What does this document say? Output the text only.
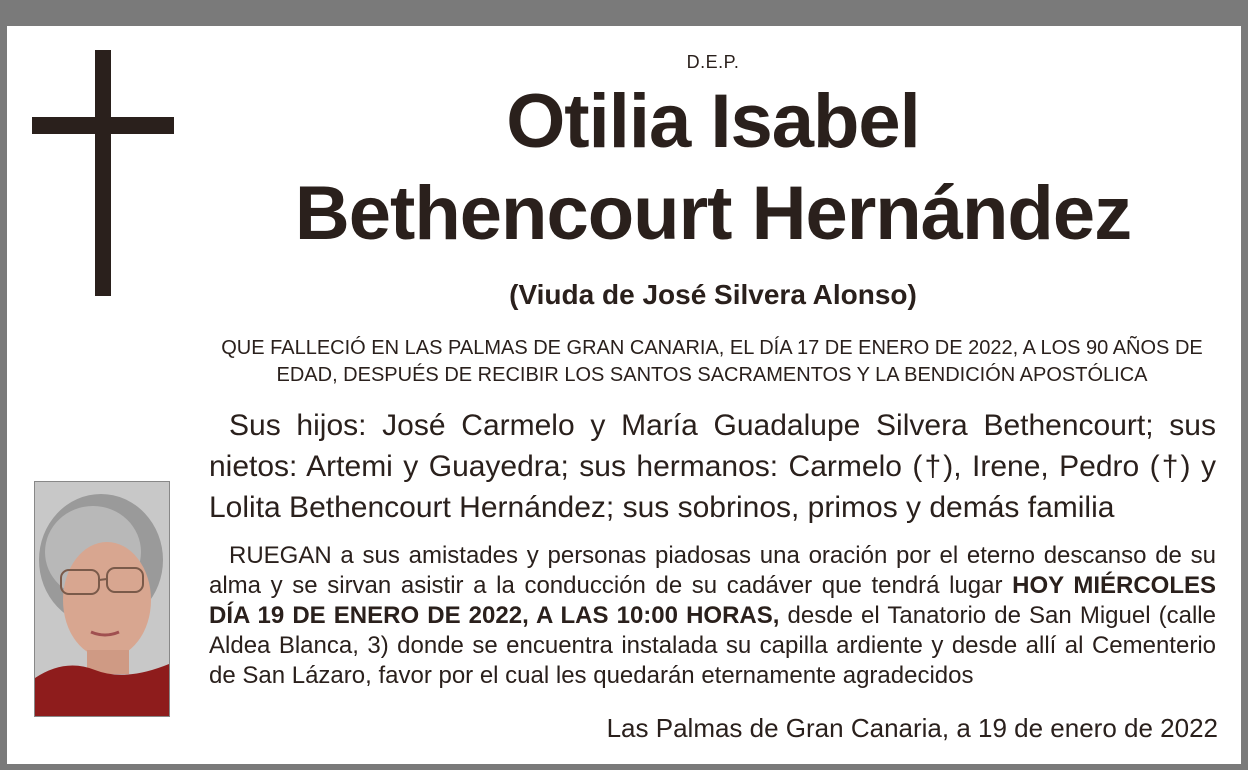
D.E.P.
Otilia Isabel
Bethencourt Hernández
(Viuda de José Silvera Alonso)
QUE FALLECIÓ EN LAS PALMAS DE GRAN CANARIA, EL DÍA 17 DE ENERO DE 2022, A LOS 90 AÑOS DE EDAD, DESPUÉS DE RECIBIR LOS SANTOS SACRAMENTOS Y LA BENDICIÓN APOSTÓLICA
Sus hijos: José Carmelo y María Guadalupe Silvera Bethencourt; sus nietos: Artemi y Guayedra; sus hermanos: Carmelo (†), Irene, Pedro (†) y Lolita Bethencourt Hernández; sus sobrinos, primos y demás familia
RUEGAN a sus amistades y personas piadosas una oración por el eterno descanso de su alma y se sirvan asistir a la conducción de su cadáver que tendrá lugar HOY MIÉRCOLES DÍA 19 DE ENERO DE 2022, A LAS 10:00 HORAS, desde el Tanatorio de San Miguel (calle Aldea Blanca, 3) donde se encuentra instalada su capilla ardiente y desde allí al Cementerio de San Lázaro, favor por el cual les quedarán eternamente agradecidos
Las Palmas de Gran Canaria, a 19 de enero de 2022
